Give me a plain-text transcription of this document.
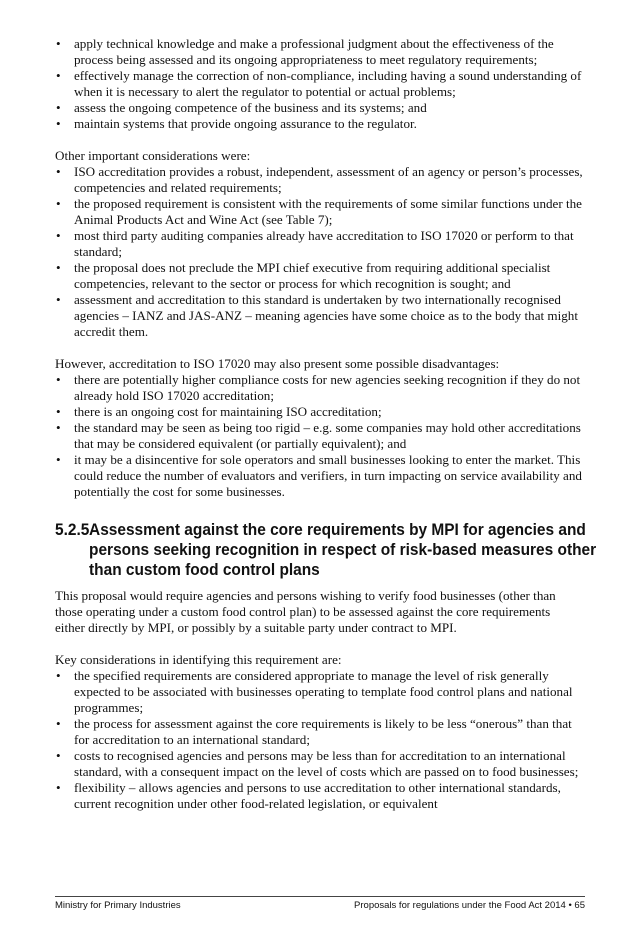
• apply technical knowledge and make a professional judgment about the effectiveness of the process being assessed and its ongoing appropriateness to meet regulatory requirements;
• effectively manage the correction of non-compliance, including having a sound understanding of when it is necessary to alert the regulator to potential or actual problems;
• assess the ongoing competence of the business and its systems; and
• maintain systems that provide ongoing assurance to the regulator.

Other important considerations were:

• ISO accreditation provides a robust, independent, assessment of an agency or person’s processes, competencies and related requirements;
• the proposed requirement is consistent with the requirements of some similar functions under the Animal Products Act and Wine Act (see Table 7);
• most third party auditing companies already have accreditation to ISO 17020 or perform to that standard;
• the proposal does not preclude the MPI chief executive from requiring additional specialist competencies, relevant to the sector or process for which recognition is sought; and
• assessment and accreditation to this standard is undertaken by two internationally recognised agencies – IANZ and JAS-ANZ – meaning agencies have some choice as to the body that might accredit them.

However, accreditation to ISO 17020 may also present some possible disadvantages:

• there are potentially higher compliance costs for new agencies seeking recognition if they do not already hold ISO 17020 accreditation;
• there is an ongoing cost for maintaining ISO accreditation;
• the standard may be seen as being too rigid – e.g. some companies may hold other accreditations that may be considered equivalent (or partially equivalent); and
• it may be a disincentive for sole operators and small businesses looking to enter the market. This could reduce the number of evaluators and verifiers, in turn impacting on service availability and potentially the cost for some businesses.
5.2.5 Assessment against the core requirements by MPI for agencies and persons seeking recognition in respect of risk-based measures other than custom food control plans

This proposal would require agencies and persons wishing to verify food businesses (other than those operating under a custom food control plan) to be assessed against the core requirements either directly by MPI, or possibly by a suitable party under contract to MPI.

Key considerations in identifying this requirement are:

• the specified requirements are considered appropriate to manage the level of risk generally expected to be associated with businesses operating to template food control plans and national programmes;
• the process for assessment against the core requirements is likely to be less “onerous” than that for accreditation to an international standard;
• costs to recognised agencies and persons may be less than for accreditation to an international standard, with a consequent impact on the level of costs which are passed on to food businesses;
• flexibility – allows agencies and persons to use accreditation to other international standards, current recognition under other food-related legislation, or equivalent
Ministry for Primary Industries	Proposals for regulations under the Food Act 2014 • 65
